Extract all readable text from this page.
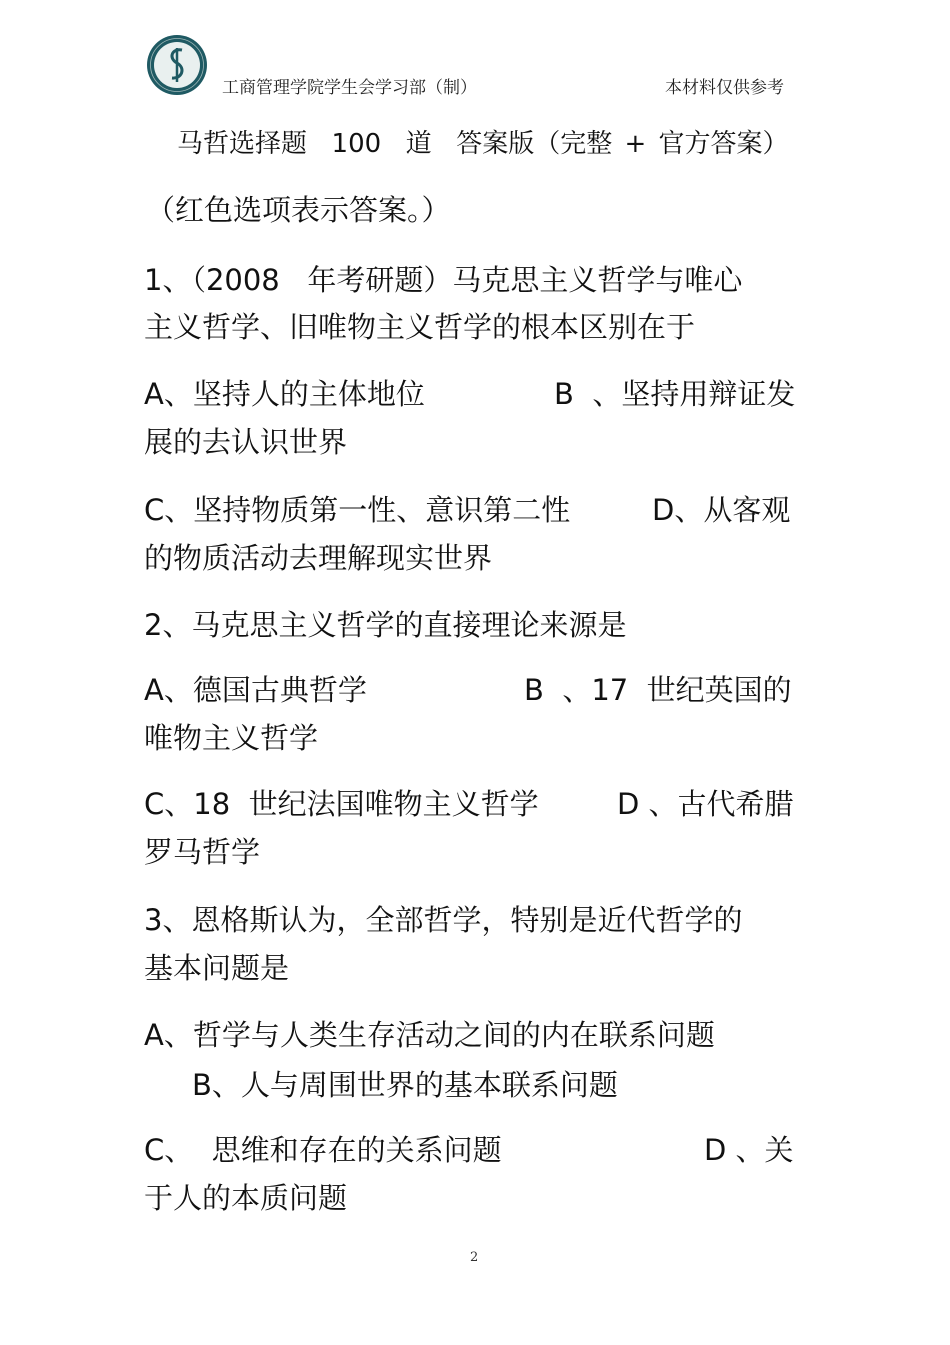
工商管理学院学生会学习部（制）	本材料仅供参考
马哲选择题  100  道  答案版（完整 + 官方答案）
（红色选项表示答案。）
1、（2008   年考研题）马克思主义哲学与唯心
主义哲学、旧唯物主义哲学的根本区别在于
A、坚持人的主体地位	B  、坚持用辩证发
展的去认识世界
C、坚持物质第一性、意识第二性	D、从客观
的物质活动去理解现实世界
2、马克思主义哲学的直接理论来源是
A、德国古典哲学	B  、17  世纪英国的
唯物主义哲学
C、18  世纪法国唯物主义哲学	D 、古代希腊
罗马哲学
3、恩格斯认为，全部哲学，特别是近代哲学的
基本问题是
A、哲学与人类生存活动之间的内在联系问题
B、人与周围世界的基本联系问题
C、  思维和存在的关系问题	D 、关
于人的本质问题
2
